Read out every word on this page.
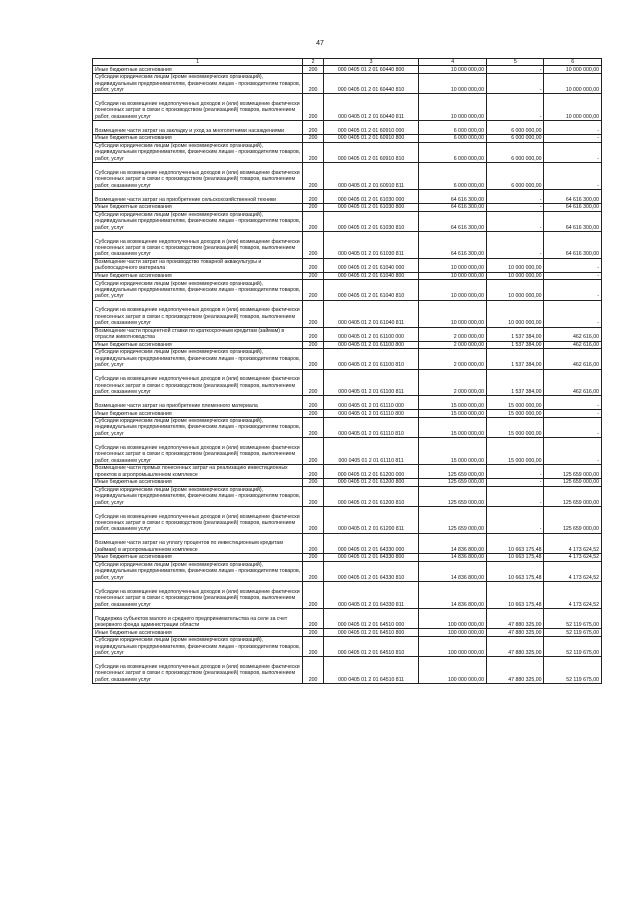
47
1	2	3	4	5	6
Иные бюджетные ассигнования	200	000 0405 01 2 01 60440 800	10 000 000,00	-	10 000 000,00
Субсидии юридическим лицам (кроме некоммерческих организаций), индивидуальным предпринимателям, физическим лицам - производителям товаров, работ, услуг	200	000 0405 01 2 01 60440 810	10 000 000,00	-	10 000 000,00
Субсидии на возмещение недополученных доходов и (или) возмещение фактически понесенных затрат в связи с производством (реализацией) товаров, выполнением работ, оказанием услуг	200	000 0405 01 2 01 60440 811	10 000 000,00	-	10 000 000,00
Возмещение части затрат на закладку и уход за многолетними насаждениями	200	000 0405 01 2 01 60910 000	6 000 000,00	6 000 000,00	-
Иные бюджетные ассигнования	200	000 0405 01 2 01 60910 800	6 000 000,00	6 000 000,00	-
Субсидии юридическим лицам (кроме некоммерческих организаций), индивидуальным предпринимателям, физическим лицам - производителям товаров, работ, услуг	200	000 0405 01 2 01 60910 810	6 000 000,00	6 000 000,00	-
Субсидии на возмещение недополученных доходов и (или) возмещение фактически понесенных затрат в связи с производством (реализацией) товаров, выполнением работ, оказанием услуг	200	000 0405 01 2 01 60910 811	6 000 000,00	6 000 000,00	-
Возмещение части затрат на приобретение сельскохозяйственной техники	200	000 0405 01 2 01 61030 000	64 616 300,00	-	64 616 300,00
Иные бюджетные ассигнования	200	000 0405 01 2 01 61030 800	64 616 300,00	-	64 616 300,00
Субсидии юридическим лицам (кроме некоммерческих организаций), индивидуальным предпринимателям, физическим лицам - производителям товаров, работ, услуг	200	000 0405 01 2 01 61030 810	64 616 300,00	-	64 616 300,00
Субсидии на возмещение недополученных доходов и (или) возмещение фактически понесенных затрат в связи с производством (реализацией) товаров, выполнением работ, оказанием услуг	200	000 0405 01 2 01 61030 811	64 616 300,00	-	64 616 300,00
Возмещение части затрат на производство товарной аквакультуры и рыбопосадочного материала	200	000 0405 01 2 01 61040 000	10 000 000,00	10 000 000,00	-
Иные бюджетные ассигнования	200	000 0405 01 2 01 61040 800	10 000 000,00	10 000 000,00	-
Субсидии юридическим лицам (кроме некоммерческих организаций), индивидуальным предпринимателям, физическим лицам - производителям товаров, работ, услуг	200	000 0405 01 2 01 61040 810	10 000 000,00	10 000 000,00	-
Субсидии на возмещение недополученных доходов и (или) возмещение фактически понесенных затрат в связи с производством (реализацией) товаров, выполнением работ, оказанием услуг	200	000 0405 01 2 01 61040 811	10 000 000,00	10 000 000,00	-
Возмещение части процентной ставки по краткосрочным кредитам (займам) в отрасли животноводства	200	000 0405 01 2 01 61100 000	2 000 000,00	1 537 384,00	462 616,00
Иные бюджетные ассигнования	200	000 0405 01 2 01 61100 800	2 000 000,00	1 537 384,00	462 616,00
Субсидии юридическим лицам (кроме некоммерческих организаций), индивидуальным предпринимателям, физическим лицам - производителям товаров, работ, услуг	200	000 0405 01 2 01 61100 810	2 000 000,00	1 537 384,00	462 616,00
Субсидии на возмещение недополученных доходов и (или) возмещение фактически понесенных затрат в связи с производством (реализацией) товаров, выполнением работ, оказанием услуг	200	000 0405 01 2 01 61100 811	2 000 000,00	1 537 384,00	462 616,00
Возмещение части затрат на приобретение племенного материала	200	000 0405 01 2 01 61110 000	15 000 000,00	15 000 000,00	-
Иные бюджетные ассигнования	200	000 0405 01 2 01 61110 800	15 000 000,00	15 000 000,00	-
Субсидии юридическим лицам (кроме некоммерческих организаций), индивидуальным предпринимателям, физическим лицам - производителям товаров, работ, услуг	200	000 0405 01 2 01 61110 810	15 000 000,00	15 000 000,00	-
Субсидии на возмещение недополученных доходов и (или) возмещение фактически понесенных затрат в связи с производством (реализацией) товаров, выполнением работ, оказанием услуг	200	000 0405 01 2 01 61110 811	15 000 000,00	15 000 000,00	-
Возмещение части прямых понесенных затрат на реализацию инвестиционных проектов в агропромышленном комплексе	200	000 0405 01 2 01 61200 000	125 659 000,00	-	125 659 000,00
Иные бюджетные ассигнования	200	000 0405 01 2 01 61200 800	125 659 000,00	-	125 659 000,00
Субсидии юридическим лицам (кроме некоммерческих организаций), индивидуальным предпринимателям, физическим лицам - производителям товаров, работ, услуг	200	000 0405 01 2 01 61200 810	125 659 000,00	-	125 659 000,00
Субсидии на возмещение недополученных доходов и (или) возмещение фактически понесенных затрат в связи с производством (реализацией) товаров, выполнением работ, оказанием услуг	200	000 0405 01 2 01 61200 811	125 659 000,00	-	125 659 000,00
Возмещение части затрат на уплату процентов по инвестиционным кредитам (займам) в агропромышленном комплексе	200	000 0405 01 2 01 64330 000	14 836 800,00	10 663 175,48	4 173 624,52
Иные бюджетные ассигнования	200	000 0405 01 2 01 64330 800	14 836 800,00	10 663 175,48	4 173 624,52
Субсидии юридическим лицам (кроме некоммерческих организаций), индивидуальным предпринимателям, физическим лицам - производителям товаров, работ, услуг	200	000 0405 01 2 01 64330 810	14 836 800,00	10 663 175,48	4 173 624,52
Субсидии на возмещение недополученных доходов и (или) возмещение фактически понесенных затрат в связи с производством (реализацией) товаров, выполнением работ, оказанием услуг	200	000 0405 01 2 01 64330 811	14 836 800,00	10 663 175,48	4 173 624,52
Поддержка субъектов малого и среднего предпринимательства на селе за счет резервного фонда администрации области	200	000 0405 01 2 01 64510 000	100 000 000,00	47 880 325,00	52 119 675,00
Иные бюджетные ассигнования	200	000 0405 01 2 01 64510 800	100 000 000,00	47 880 325,00	52 119 675,00
Субсидии юридическим лицам (кроме некоммерческих организаций), индивидуальным предпринимателям, физическим лицам - производителям товаров, работ, услуг	200	000 0405 01 2 01 64510 810	100 000 000,00	47 880 325,00	52 119 675,00
Субсидии на возмещение недополученных доходов и (или) возмещение фактически понесенных затрат в связи с производством (реализацией) товаров, выполнением работ, оказанием услуг	200	000 0405 01 2 01 64510 811	100 000 000,00	47 880 325,00	52 119 675,00
